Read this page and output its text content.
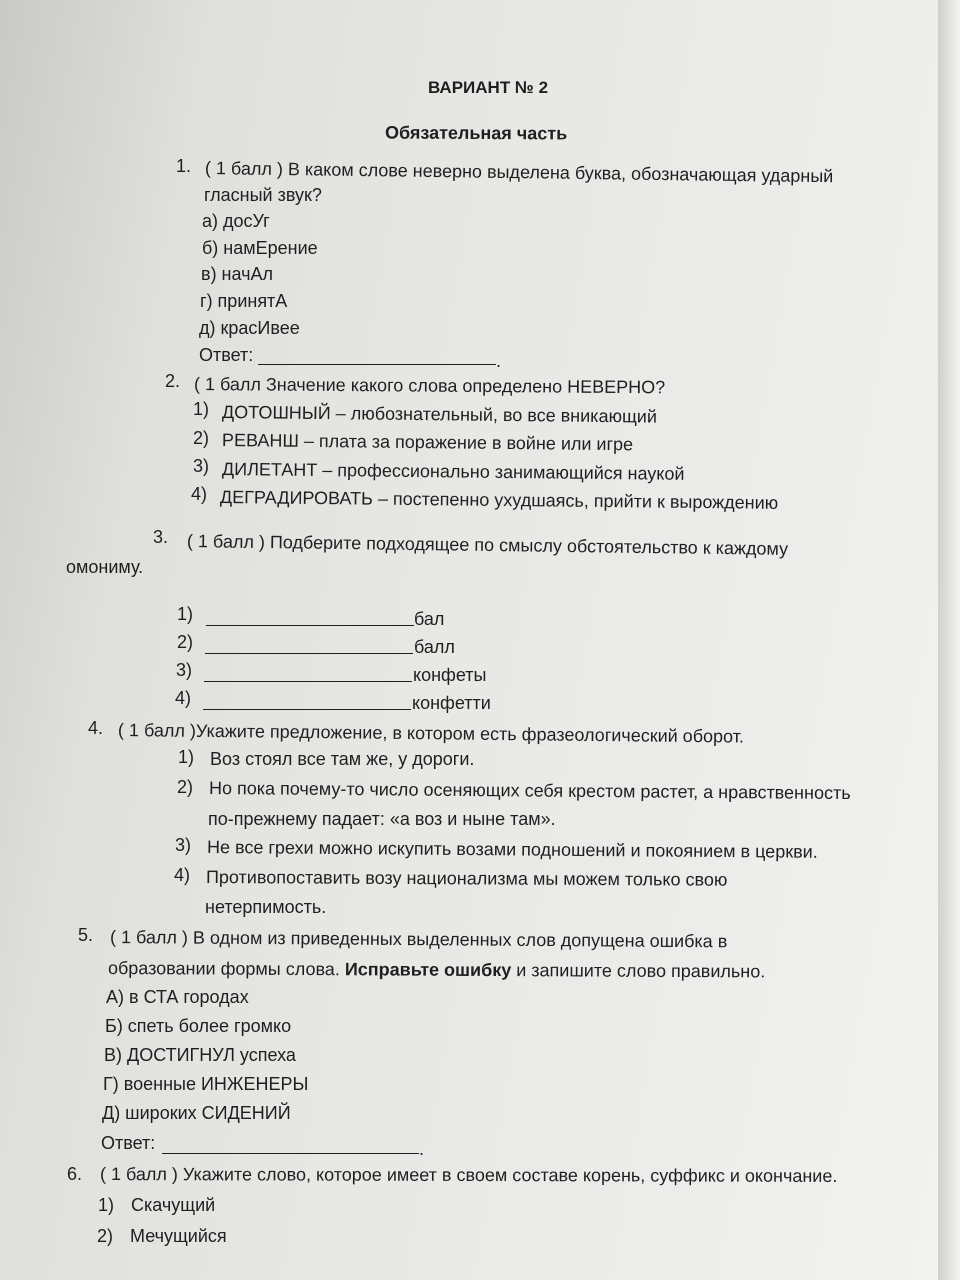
ВАРИАНТ № 2
Обязательная часть
1. ( 1 балл ) В каком слове неверно выделена буква, обозначающая ударный
гласный звук?
а) досУг
б) намЕрение
в) начАл
г) принятА
д) красИвее
Ответ:	.
2. ( 1 балл Значение какого слова определено НЕВЕРНО?
1) ДОТОШНЫЙ – любознательный, во все вникающий
2) РЕВАНШ – плата за поражение в войне или игре
3) ДИЛЕТАНТ – профессионально занимающийся наукой
4) ДЕГРАДИРОВАТЬ – постепенно ухудшаясь, прийти к вырождению
3. ( 1 балл ) Подберите подходящее по смыслу обстоятельство к каждому
омониму.
1)	бал
2)	балл
3)	конфеты
4)	конфетти
4. ( 1 балл )Укажите предложение, в котором есть фразеологический оборот.
1) Воз стоял все там же, у дороги.
2) Но пока почему-то число осеняющих себя крестом растет, а нравственность
по-прежнему падает: «а воз и ныне там».
3) Не все грехи можно искупить возами подношений и покоянием в церкви.
4) Противопоставить возу национализма мы можем только свою
нетерпимость.
5. ( 1 балл ) В одном из приведенных выделенных слов допущена ошибка в
образовании формы слова. Исправьте ошибку и запишите слово правильно.
А) в СТА городах
Б) спеть более громко
В) ДОСТИГНУЛ успеха
Г) военные ИНЖЕНЕРЫ
Д) широких СИДЕНИЙ
Ответ:	.
6. ( 1 балл ) Укажите слово, которое имеет в своем составе корень, суффикс и окончание.
1) Скачущий
2) Мечущийся
